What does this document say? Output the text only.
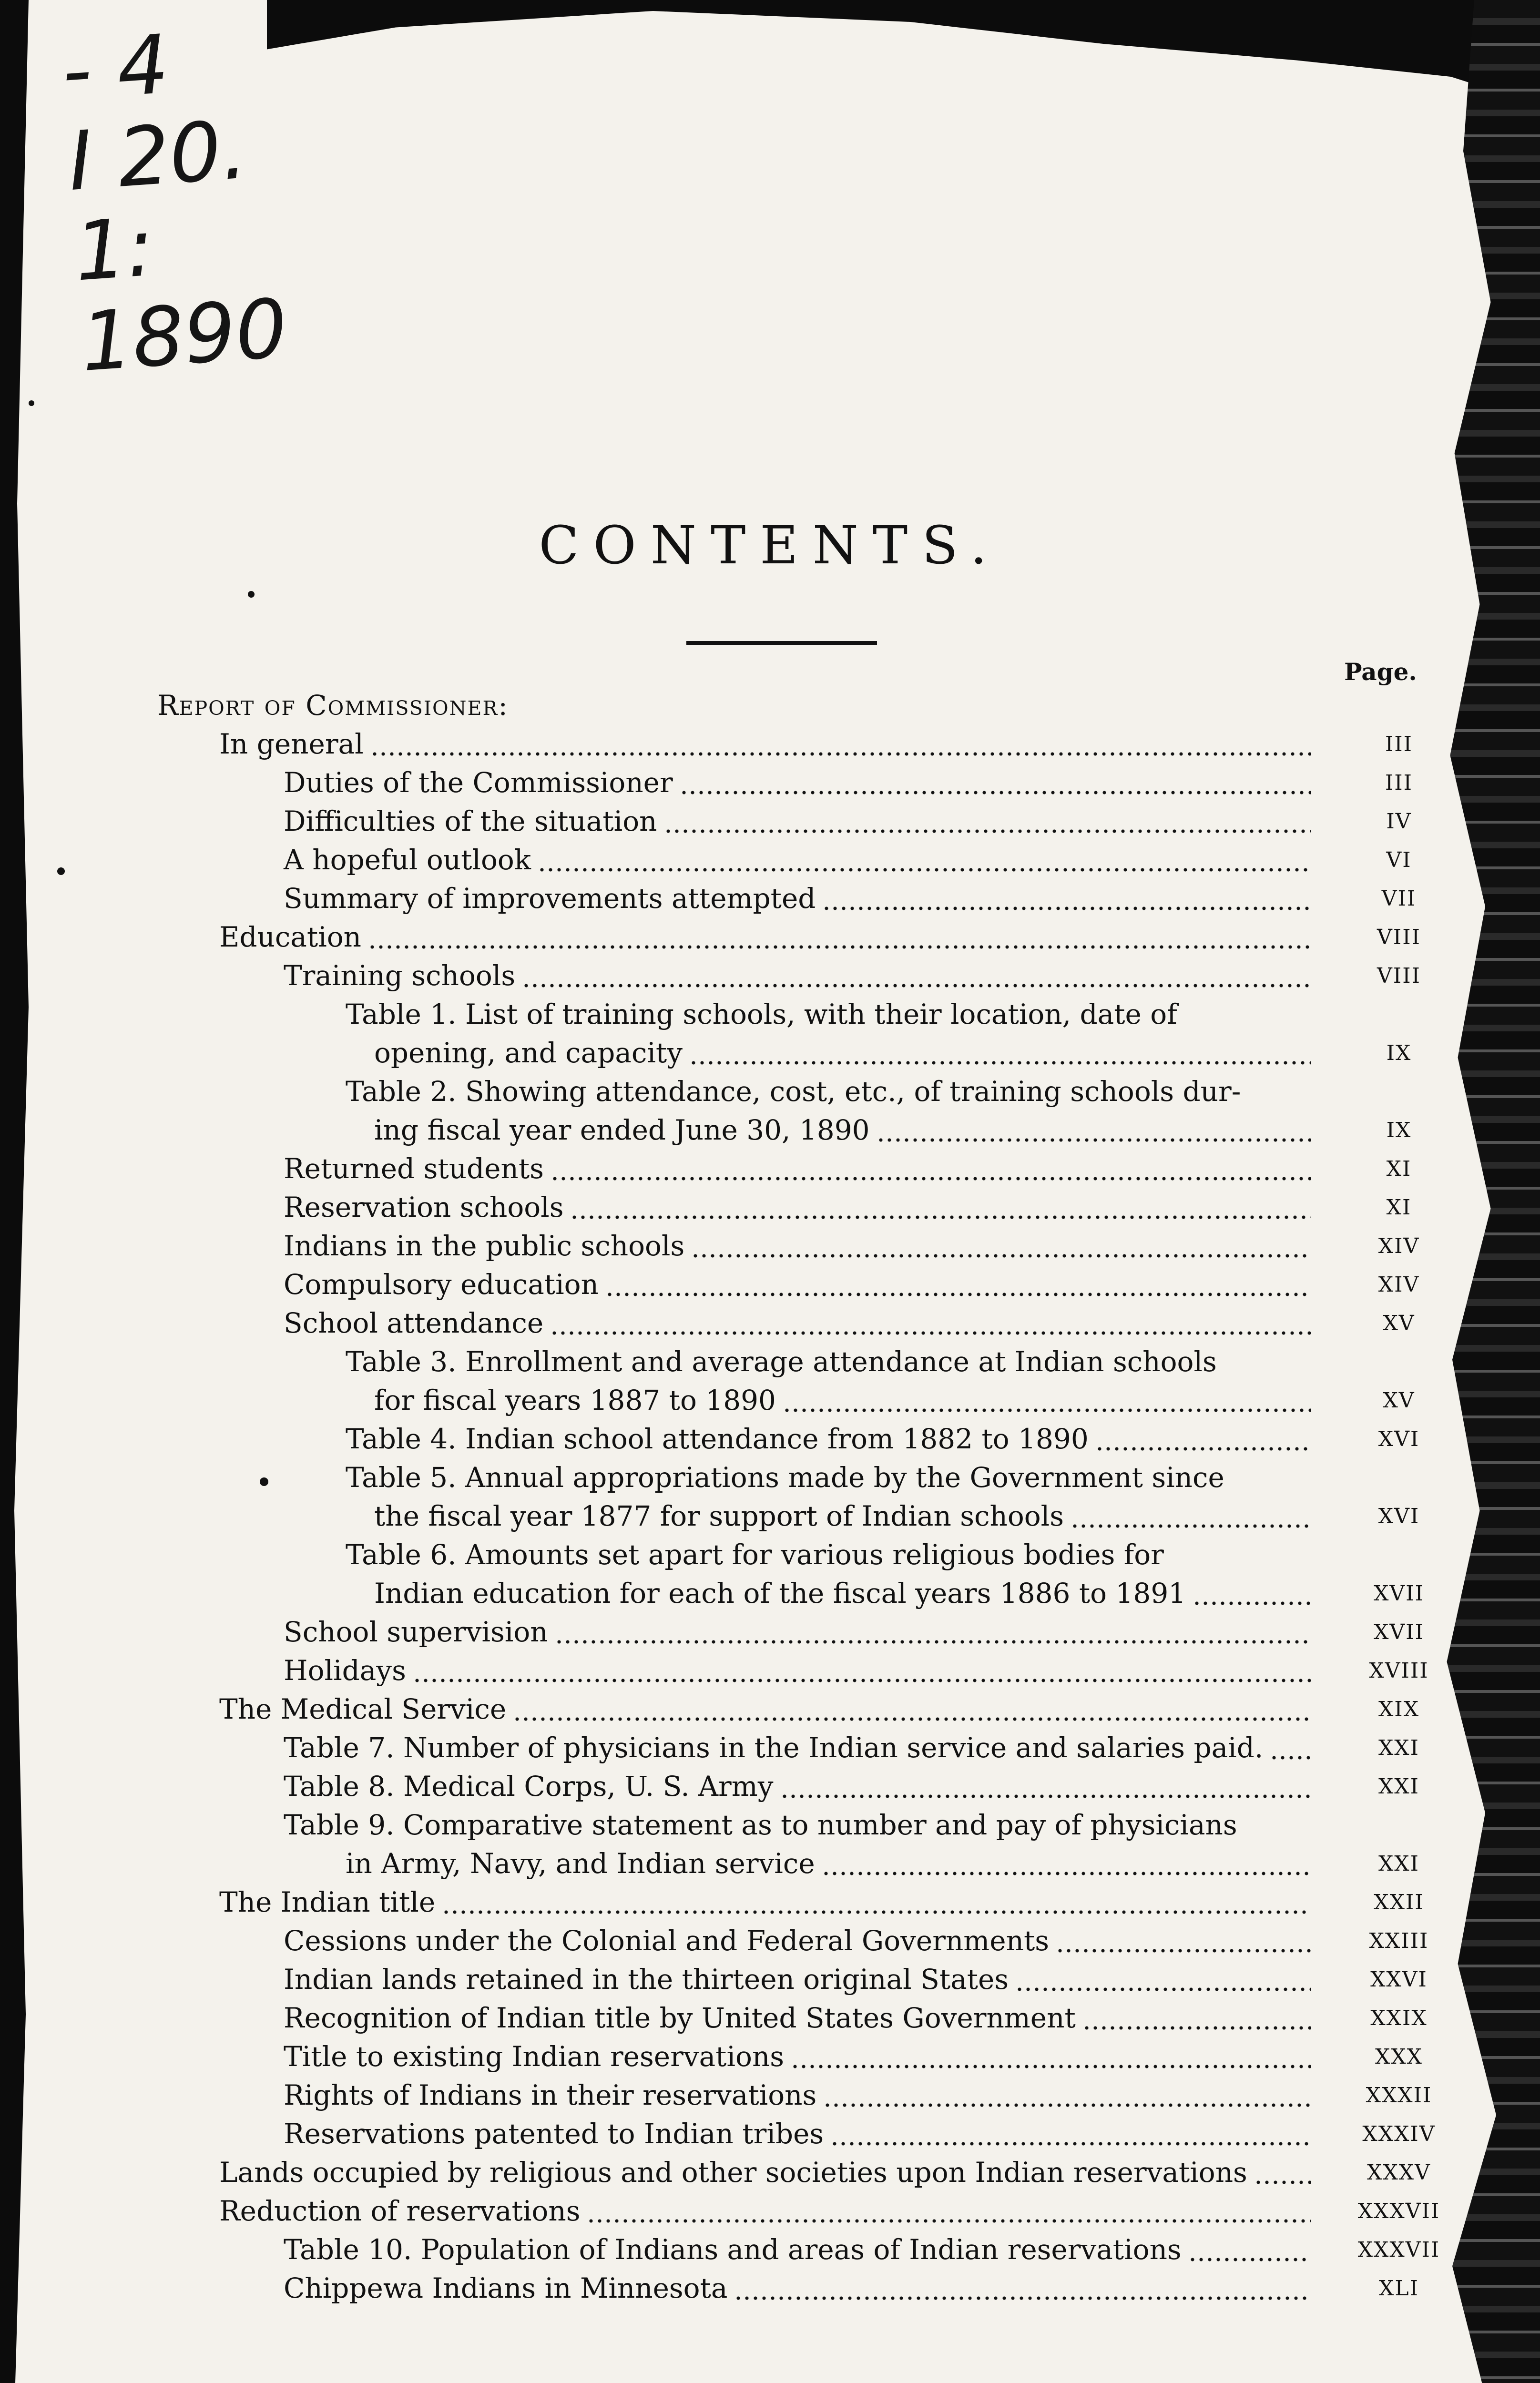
- 4
I 20.
1:
1890
CONTENTS.
Page.
Report of Commissioner:
In general	III
Duties of the Commissioner	III
Difficulties of the situation	IV
A hopeful outlook	VI
Summary of improvements attempted	VII
Education	VIII
Training schools	VIII
Table 1. List of training schools, with their location, date of
opening, and capacity	IX
Table 2. Showing attendance, cost, etc., of training schools dur-
ing fiscal year ended June 30, 1890	IX
Returned students	XI
Reservation schools	XI
Indians in the public schools	XIV
Compulsory education	XIV
School attendance	XV
Table 3. Enrollment and average attendance at Indian schools
for fiscal years 1887 to 1890	XV
Table 4. Indian school attendance from 1882 to 1890	XVI
Table 5. Annual appropriations made by the Government since
the fiscal year 1877 for support of Indian schools	XVI
Table 6. Amounts set apart for various religious bodies for
Indian education for each of the fiscal years 1886 to 1891	XVII
School supervision	XVII
Holidays	XVIII
The Medical Service	XIX
Table 7. Number of physicians in the Indian service and salaries paid.	XXI
Table 8. Medical Corps, U. S. Army	XXI
Table 9. Comparative statement as to number and pay of physicians
in Army, Navy, and Indian service	XXI
The Indian title	XXII
Cessions under the Colonial and Federal Governments	XXIII
Indian lands retained in the thirteen original States	XXVI
Recognition of Indian title by United States Government	XXIX
Title to existing Indian reservations	XXX
Rights of Indians in their reservations	XXXII
Reservations patented to Indian tribes	XXXIV
Lands occupied by religious and other societies upon Indian reservations	XXXV
Reduction of reservations	XXXVII
Table 10. Population of Indians and areas of Indian reservations	XXXVII
Chippewa Indians in Minnesota	XLI
